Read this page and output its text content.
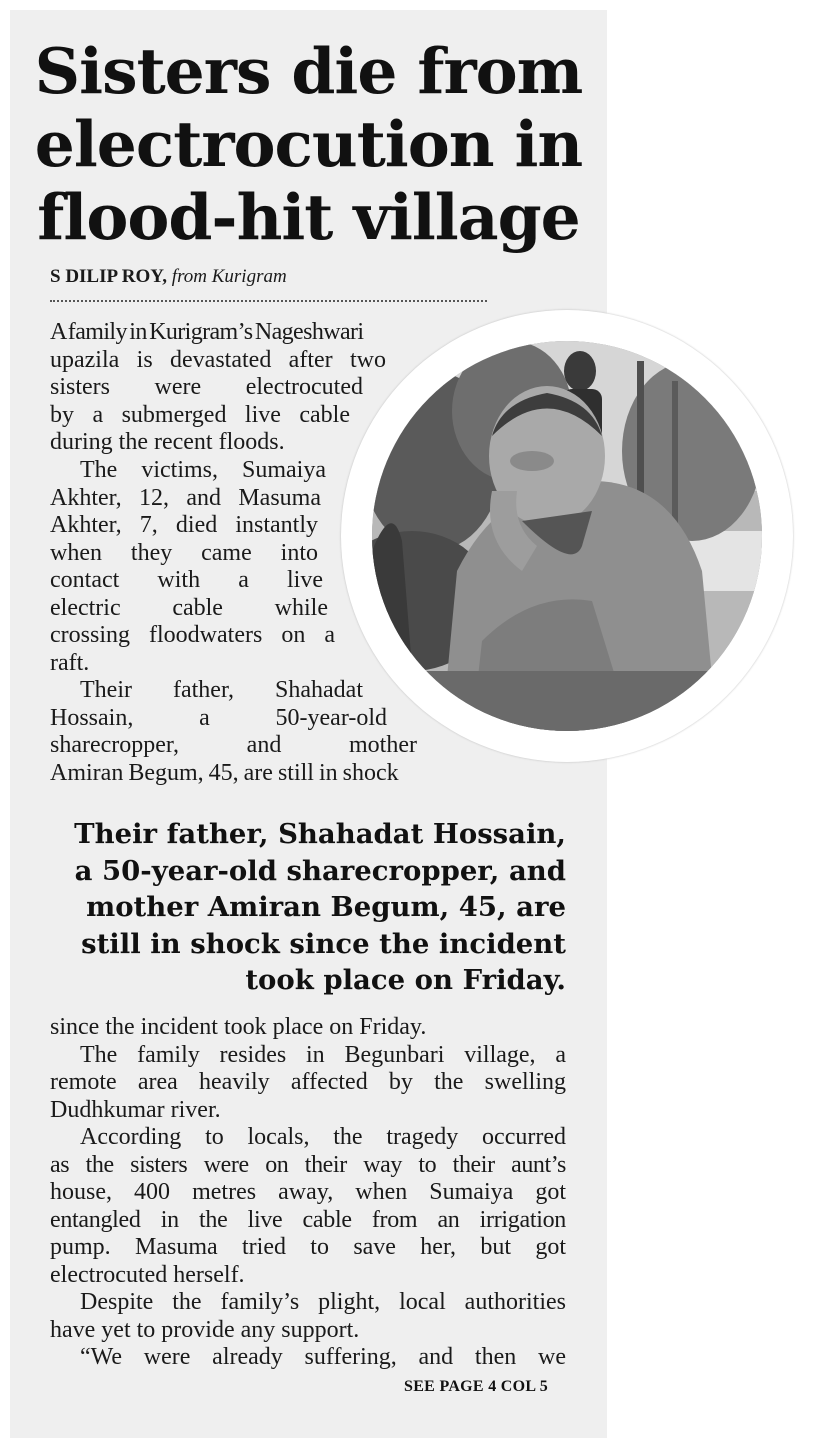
Sisters die from
electrocution in
flood-hit village
S DILIP ROY, from Kurigram

A family in Kurigram’s Nageshwari

upazila is devastated after two

sisters were electrocuted

by a submerged live cable

during the recent floods.

The victims, Sumaiya

Akhter, 12, and Masuma

Akhter, 7, died instantly

when they came into

contact with a live

electric cable while

crossing floodwaters on a

raft.

Their father, Shahadat

Hossain, a 50-year-old

sharecropper, and mother

Amiran Begum, 45, are still in shock

Their father, Shahadat Hossain,
a 50-year-old sharecropper, and
mother Amiran Begum, 45, are
still in shock since the incident
took place on Friday.

since the incident took place on Friday.

The family resides in Begunbari village, a

remote area heavily affected by the swelling

Dudhkumar river.

According to locals, the tragedy occurred

as the sisters were on their way to their aunt’s

house, 400 metres away, when Sumaiya got

entangled in the live cable from an irrigation

pump. Masuma tried to save her, but got

electrocuted herself.

Despite the family’s plight, local authorities

have yet to provide any support.

“We were already suffering, and then we

SEE PAGE 4 COL 5
